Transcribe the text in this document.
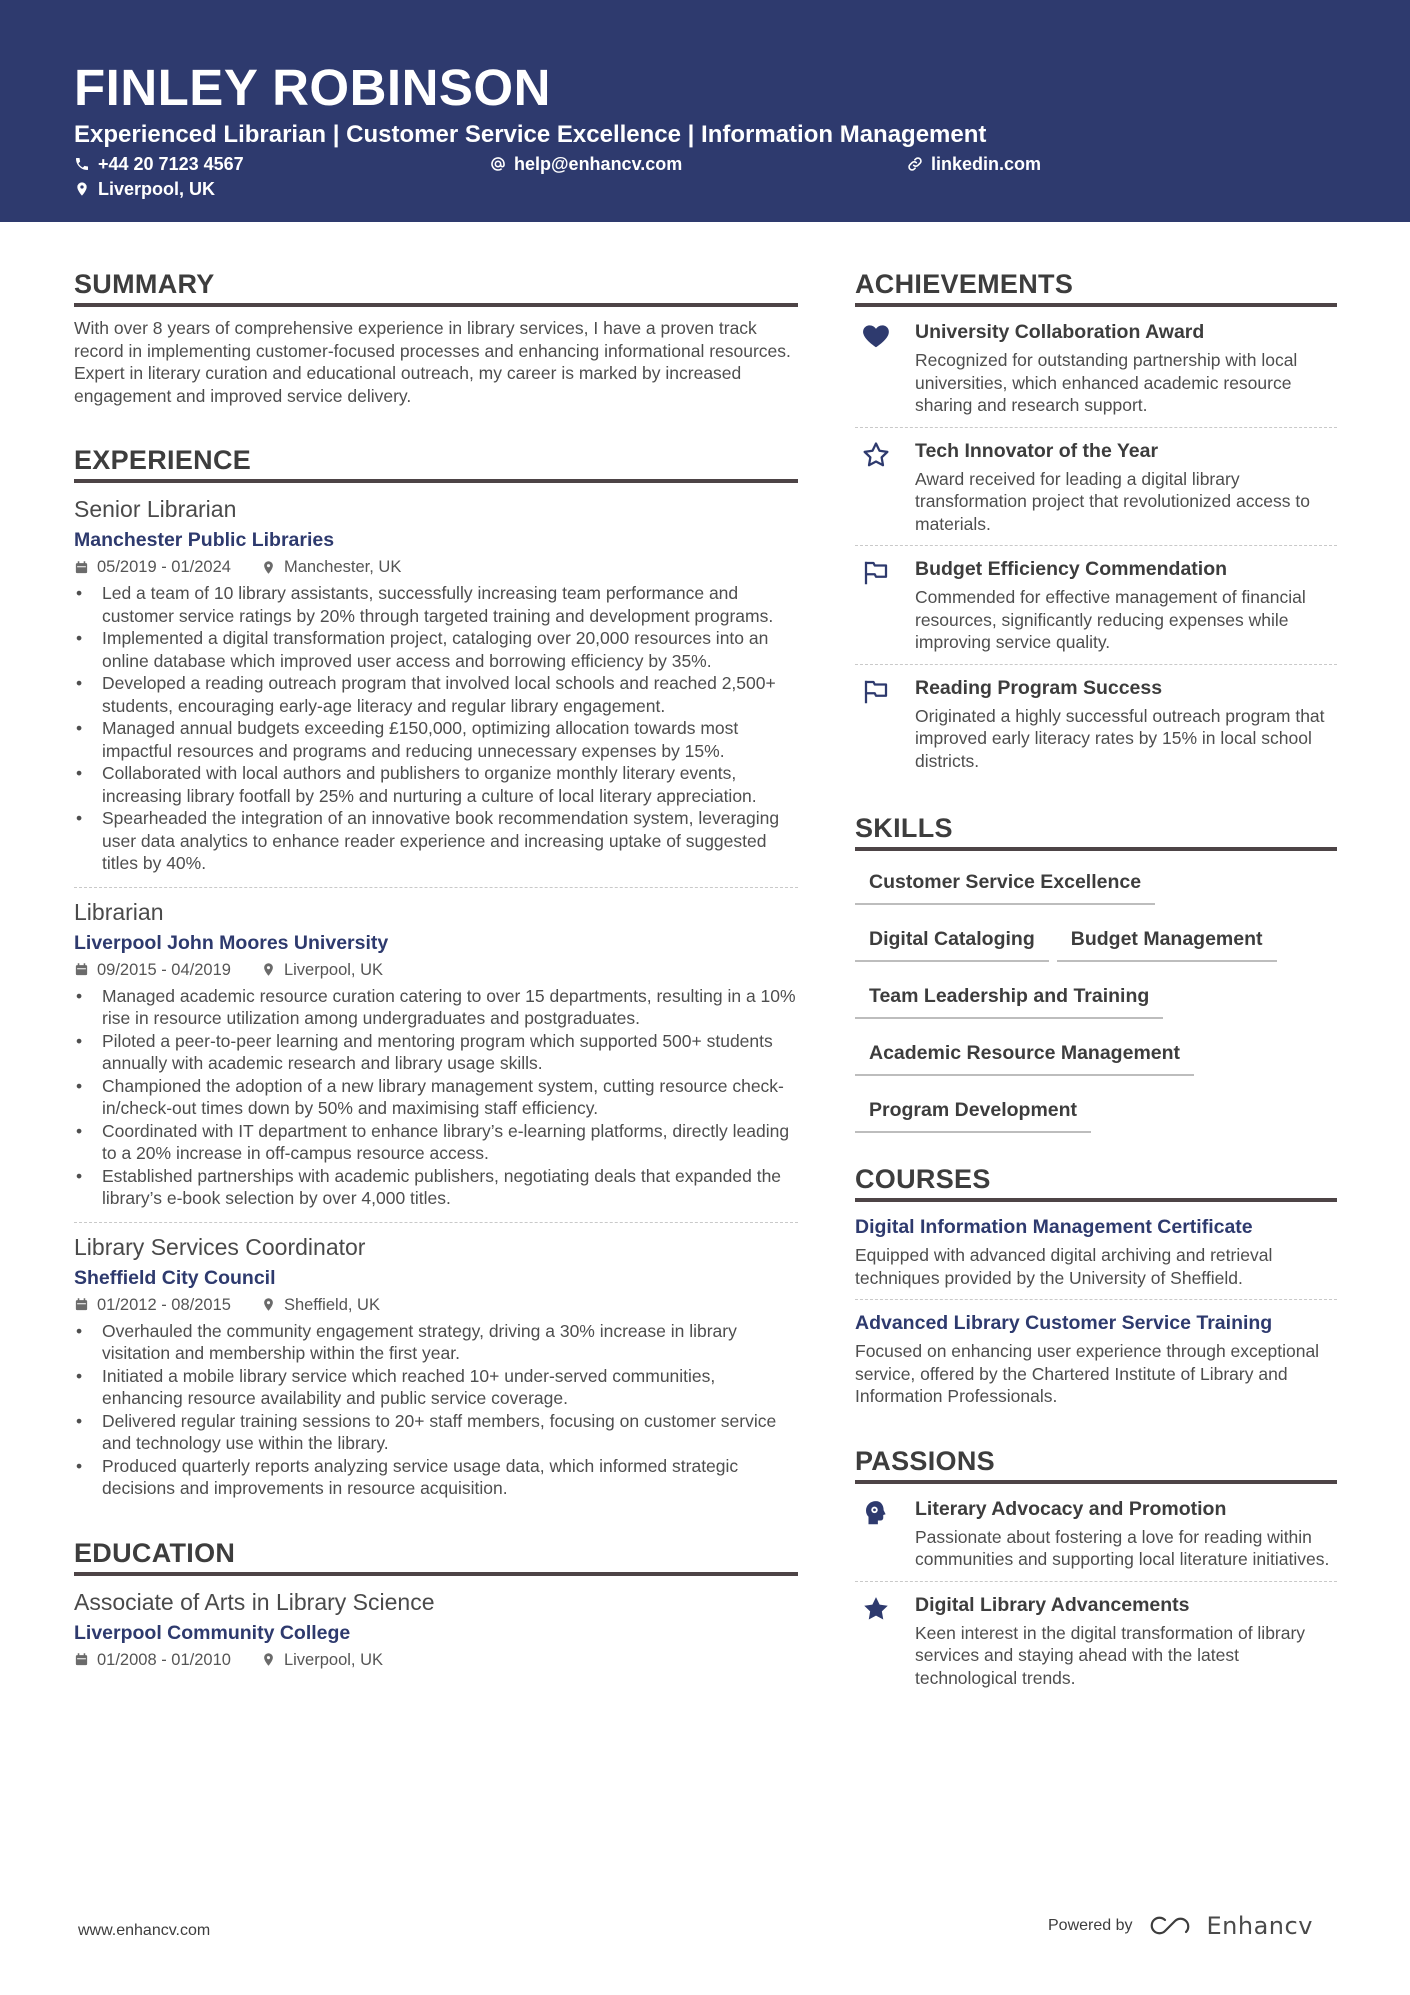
FINLEY ROBINSON
Experienced Librarian | Customer Service Excellence | Information Management
+44 20 7123 4567	help@enhancv.com	linkedin.com
Liverpool, UK
SUMMARY
With over 8 years of comprehensive experience in library services, I have a proven track record in implementing customer-focused processes and enhancing informational resources. Expert in literary curation and educational outreach, my career is marked by increased engagement and improved service delivery.
EXPERIENCE
Senior Librarian
Manchester Public Libraries
05/2019 - 01/2024	Manchester, UK
• Led a team of 10 library assistants, successfully increasing team performance and customer service ratings by 20% through targeted training and development programs.
• Implemented a digital transformation project, cataloging over 20,000 resources into an online database which improved user access and borrowing efficiency by 35%.
• Developed a reading outreach program that involved local schools and reached 2,500+ students, encouraging early-age literacy and regular library engagement.
• Managed annual budgets exceeding £150,000, optimizing allocation towards most impactful resources and programs and reducing unnecessary expenses by 15%.
• Collaborated with local authors and publishers to organize monthly literary events, increasing library footfall by 25% and nurturing a culture of local literary appreciation.
• Spearheaded the integration of an innovative book recommendation system, leveraging user data analytics to enhance reader experience and increasing uptake of suggested titles by 40%.
Librarian
Liverpool John Moores University
09/2015 - 04/2019	Liverpool, UK
• Managed academic resource curation catering to over 15 departments, resulting in a 10% rise in resource utilization among undergraduates and postgraduates.
• Piloted a peer-to-peer learning and mentoring program which supported 500+ students annually with academic research and library usage skills.
• Championed the adoption of a new library management system, cutting resource check-in/check-out times down by 50% and maximising staff efficiency.
• Coordinated with IT department to enhance library’s e-learning platforms, directly leading to a 20% increase in off-campus resource access.
• Established partnerships with academic publishers, negotiating deals that expanded the library’s e-book selection by over 4,000 titles.
Library Services Coordinator
Sheffield City Council
01/2012 - 08/2015	Sheffield, UK
• Overhauled the community engagement strategy, driving a 30% increase in library visitation and membership within the first year.
• Initiated a mobile library service which reached 10+ under-served communities, enhancing resource availability and public service coverage.
• Delivered regular training sessions to 20+ staff members, focusing on customer service and technology use within the library.
• Produced quarterly reports analyzing service usage data, which informed strategic decisions and improvements in resource acquisition.
EDUCATION
Associate of Arts in Library Science
Liverpool Community College
01/2008 - 01/2010	Liverpool, UK
ACHIEVEMENTS
University Collaboration Award
Recognized for outstanding partnership with local universities, which enhanced academic resource sharing and research support.
Tech Innovator of the Year
Award received for leading a digital library transformation project that revolutionized access to materials.
Budget Efficiency Commendation
Commended for effective management of financial resources, significantly reducing expenses while improving service quality.
Reading Program Success
Originated a highly successful outreach program that improved early literacy rates by 15% in local school districts.
SKILLS
Customer Service Excellence
Digital Cataloging Budget Management
Team Leadership and Training
Academic Resource Management
Program Development
COURSES
Digital Information Management Certificate
Equipped with advanced digital archiving and retrieval techniques provided by the University of Sheffield.
Advanced Library Customer Service Training
Focused on enhancing user experience through exceptional service, offered by the Chartered Institute of Library and Information Professionals.
PASSIONS
Literary Advocacy and Promotion
Passionate about fostering a love for reading within communities and supporting local literature initiatives.
Digital Library Advancements
Keen interest in the digital transformation of library services and staying ahead with the latest technological trends.
www.enhancv.com	Powered by	Enhancv
